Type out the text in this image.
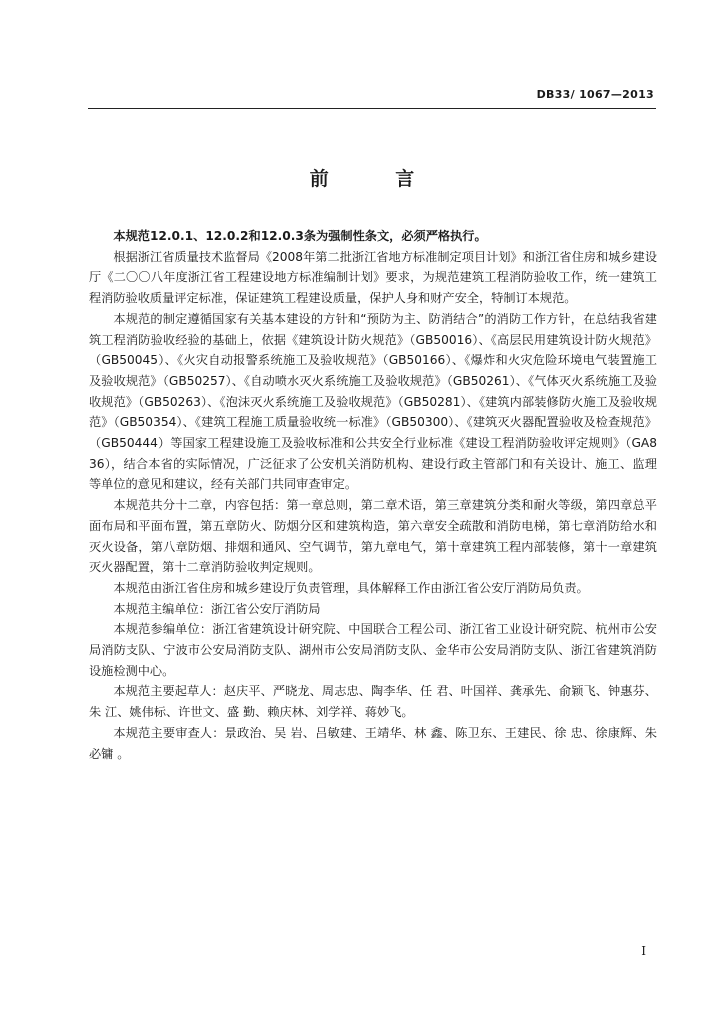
DB33/ 1067—2013
前 言

本规范12.0.1、12.0.2和12.0.3条为强制性条文，必须严格执行。

根据浙江省质量技术监督局《2008年第二批浙江省地方标准制定项目计划》和浙江省住房和城乡建设厅《二〇〇八年度浙江省工程建设地方标准编制计划》要求，为规范建筑工程消防验收工作，统一建筑工程消防验收质量评定标准，保证建筑工程建设质量，保护人身和财产安全，特制订本规范。

本规范的制定遵循国家有关基本建设的方针和“预防为主、防消结合”的消防工作方针，在总结我省建筑工程消防验收经验的基础上，依据《建筑设计防火规范》（GB50016）、《高层民用建筑设计防火规范》（GB50045）、《火灾自动报警系统施工及验收规范》（GB50166）、《爆炸和火灾危险环境电气装置施工及验收规范》（GB50257）、《自动喷水灭火系统施工及验收规范》（GB50261）、《气体灭火系统施工及验收规范》（GB50263）、《泡沫灭火系统施工及验收规范》（GB50281）、《建筑内部装修防火施工及验收规范》（GB50354）、《建筑工程施工质量验收统一标准》（GB50300）、《建筑灭火器配置验收及检查规范》（GB50444）等国家工程建设施工及验收标准和公共安全行业标准《建设工程消防验收评定规则》（GA836），结合本省的实际情况，广泛征求了公安机关消防机构、建设行政主管部门和有关设计、施工、监理等单位的意见和建议，经有关部门共同审查审定。

本规范共分十二章，内容包括：第一章总则，第二章术语，第三章建筑分类和耐火等级，第四章总平面布局和平面布置，第五章防火、防烟分区和建筑构造，第六章安全疏散和消防电梯，第七章消防给水和灭火设备，第八章防烟、排烟和通风、空气调节，第九章电气，第十章建筑工程内部装修，第十一章建筑灭火器配置，第十二章消防验收判定规则。

本规范由浙江省住房和城乡建设厅负责管理，具体解释工作由浙江省公安厅消防局负责。

本规范主编单位：浙江省公安厅消防局

本规范参编单位：浙江省建筑设计研究院、中国联合工程公司、浙江省工业设计研究院、杭州市公安局消防支队、宁波市公安局消防支队、湖州市公安局消防支队、金华市公安局消防支队、浙江省建筑消防设施检测中心。

本规范主要起草人：赵庆平、严晓龙、周志忠、陶李华、任 君、叶国祥、龚承先、俞颖飞、钟惠芬、朱 江、姚伟标、许世文、盛 勤、赖庆林、刘学祥、蒋妙飞。

本规范主要审查人：景政治、吴 岩、吕敏建、王靖华、林 鑫、陈卫东、王建民、徐 忠、徐康辉、朱必镛 。

I
